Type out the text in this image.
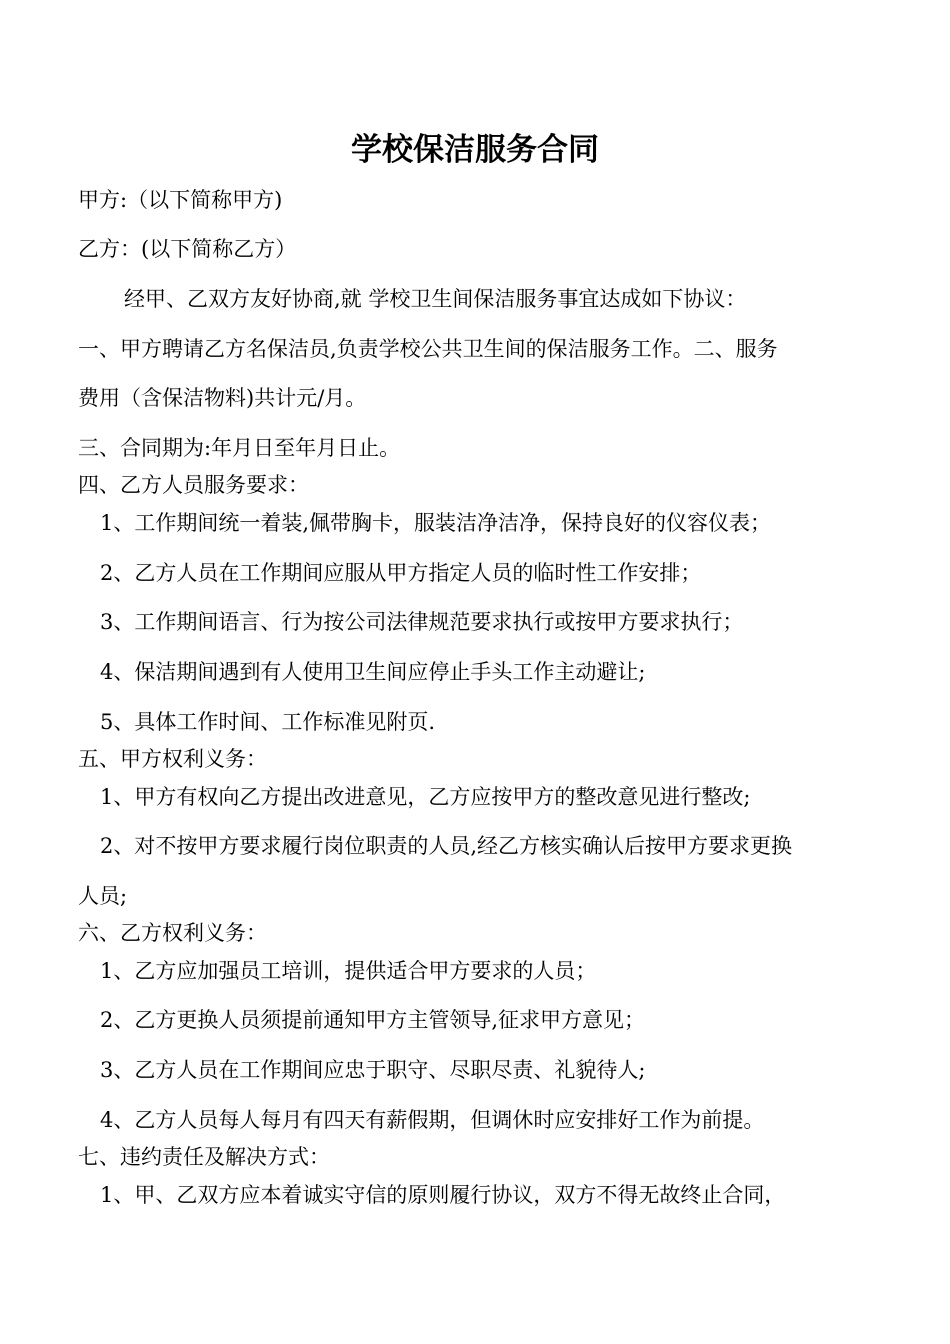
学校保洁服务合同

甲方:（以下简称甲方)

乙方：(以下简称乙方）

经甲、乙双方友好协商,就 学校卫生间保洁服务事宜达成如下协议：

一、甲方聘请乙方名保洁员,负责学校公共卫生间的保洁服务工作。二、服务

费用（含保洁物料)共计元/月。

三、合同期为:年月日至年月日止。

四、乙方人员服务要求：

1、工作期间统一着装,佩带胸卡，服装洁净洁净，保持良好的仪容仪表；

2、乙方人员在工作期间应服从甲方指定人员的临时性工作安排；

3、工作期间语言、行为按公司法律规范要求执行或按甲方要求执行；

4、保洁期间遇到有人使用卫生间应停止手头工作主动避让;

5、具体工作时间、工作标准见附页.

五、甲方权利义务：

1、甲方有权向乙方提出改进意见，乙方应按甲方的整改意见进行整改;

2、对不按甲方要求履行岗位职责的人员,经乙方核实确认后按甲方要求更换

人员;

六、乙方权利义务：

1、乙方应加强员工培训，提供适合甲方要求的人员；

2、乙方更换人员须提前通知甲方主管领导,征求甲方意见；

3、乙方人员在工作期间应忠于职守、尽职尽责、礼貌待人;

4、乙方人员每人每月有四天有薪假期，但调休时应安排好工作为前提。

七、违约责任及解决方式：

1、甲、乙双方应本着诚实守信的原则履行协议，双方不得无故终止合同，
